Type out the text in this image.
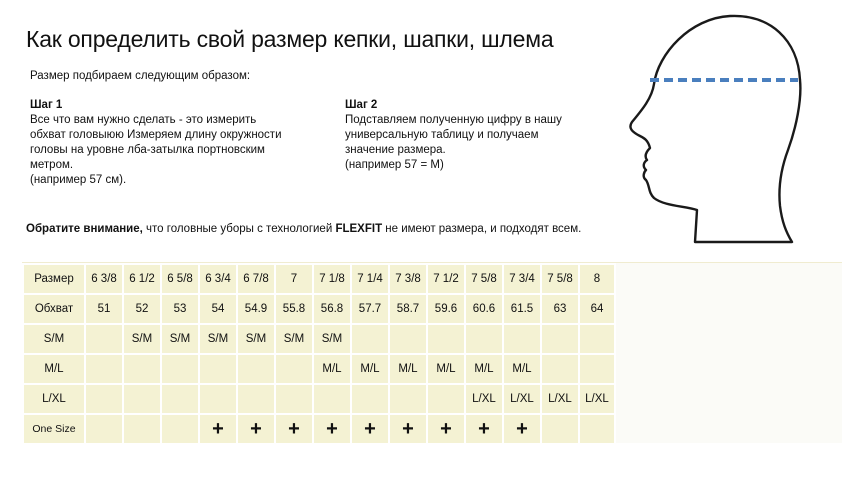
Как определить свой размер кепки, шапки, шлема
Размер подбираем следующим образом:
Шаг 1
Все что вам нужно сделать - это измерить
обхват головыюю Измеряем длину окружности
головы на уровне лба-затылка портновским
метром.
(например 57 см).
Шаг 2
Подставляем полученную цифру в нашу
универсальную таблицу и получаем
значение размера.
(например 57 = M)
Обратите внимание, что головные уборы с технологией FLEXFIT не имеют размера, и подходят всем.
Размер	6 3/8	6 1/2	6 5/8	6 3/4	6 7/8	7	7 1/8	7 1/4	7 3/8	7 1/2	7 5/8	7 3/4	7 5/8	8
Обхват	51	52	53	54	54.9	55.8	56.8	57.7	58.7	59.6	60.6	61.5	63	64
S/M		S/M	S/M	S/M	S/M	S/M	S/M							
M/L							M/L	M/L	M/L	M/L	M/L	M/L		
L/XL											L/XL	L/XL	L/XL	L/XL
One Size				+	+	+	+	+	+	+	+	+		
